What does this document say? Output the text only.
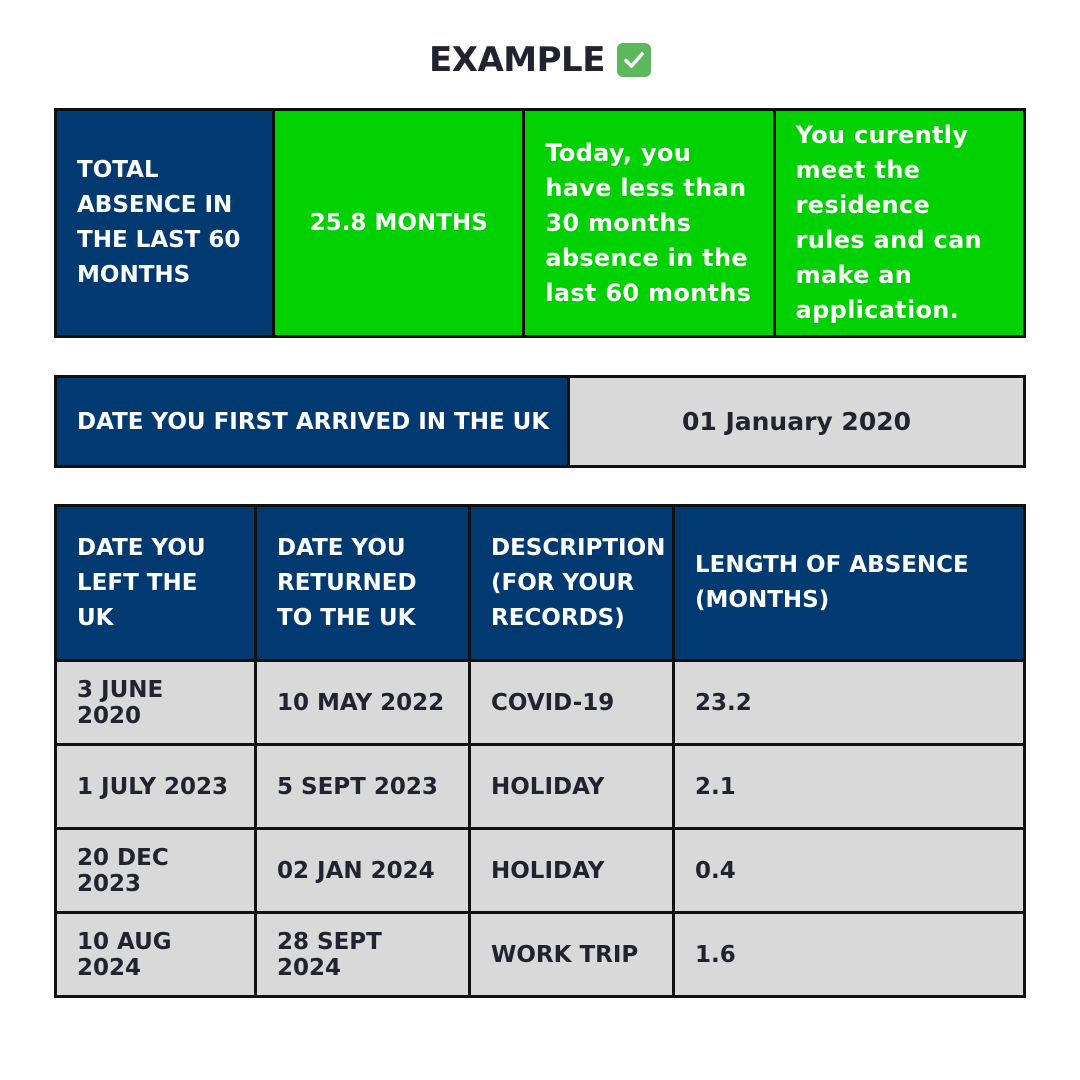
EXAMPLE
TOTAL ABSENCE IN THE LAST 60 MONTHS	25.8 MONTHS	Today, you have less than 30 months absence in the last 60 months	You curently meet the residence rules and can make an application.
DATE YOU FIRST ARRIVED IN THE UK	01 January 2020
DATE YOU LEFT THE UK	DATE YOU RETURNED TO THE UK	DESCRIPTION (FOR YOUR RECORDS)	LENGTH OF ABSENCE (MONTHS)
3 JUNE 2020	10 MAY 2022	COVID-19	23.2
1 JULY 2023	5 SEPT 2023	HOLIDAY	2.1
20 DEC 2023	02 JAN 2024	HOLIDAY	0.4
10 AUG 2024	28 SEPT 2024	WORK TRIP	1.6
